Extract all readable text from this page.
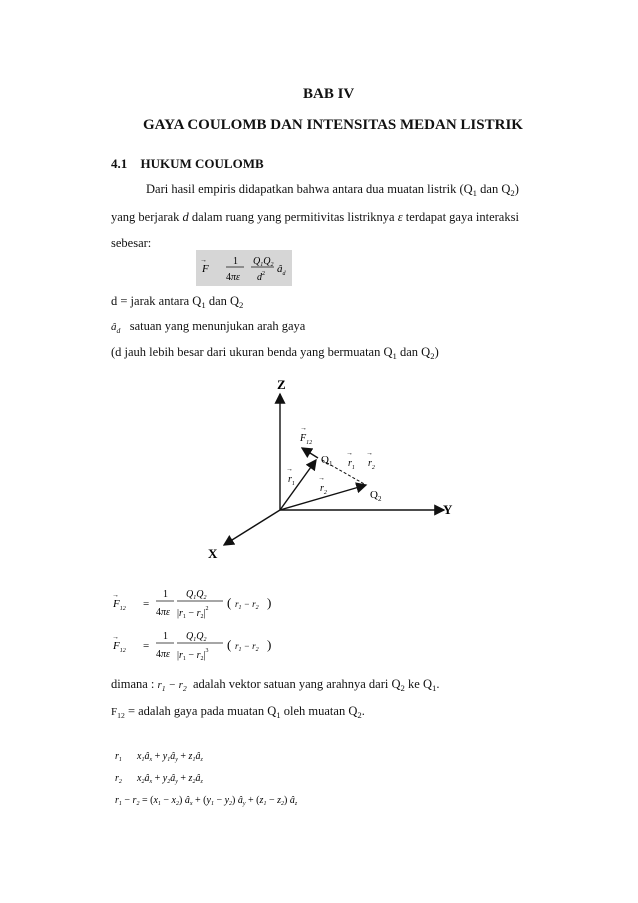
BAB IV
GAYA COULOMB DAN INTENSITAS MEDAN LISTRIK
4.1 HUKUM COULOMB
Dari hasil empiris didapatkan bahwa antara dua muatan listrik ($Q_1$ dan $Q_2$)
yang berjarak d dalam ruang yang permitivitas listriknya ε terdapat gaya interaksi
sebesar:
F
→	1
4πε
$Q_1Q_2$
$d^2$ $â_d$
d = jarak antara $Q_1$ dan $Q_2$
$â_d$   satuan yang menunjukan arah gaya
(d jauh lebih besar dari ukuran benda yang bermuatan $Q_1$ dan $Q_2$)
Z
Y
X
$F_{12}$
→
$Q_1$
$Q_2$
$r_1$
→
$r_2$
→
$r_1$
→
$r_2$
→
$F_{12}$
→
=
1
4πε
$Q_1Q_2$
$|r_1 - r_2|^2$ ( $r_1 - r_2$ )
$F_{12}$
→
=
1
4πε
$Q_1Q_2$
$|r_1 - r_2|^3$ ( $r_1 - r_2$ )
dimana : $r_1 - r_2$  adalah vektor satuan yang arahnya dari $Q_2$ ke $Q_1$.
$F_{12}$ = adalah gaya pada muatan $Q_1$ oleh muatan $Q_2$.
$r_1$ $x_1â_x$ + $y_1â_y$ + $z_1â_z$
$r_2$ $x_2â_x$ + $y_2â_y$ + $z_2â_z$
$r_1 - r_2 = (x_1 - x_2)$ $â_x + (y_1 - y_2)$ $â_y + (z_1 - z_2)$ $â_z$
